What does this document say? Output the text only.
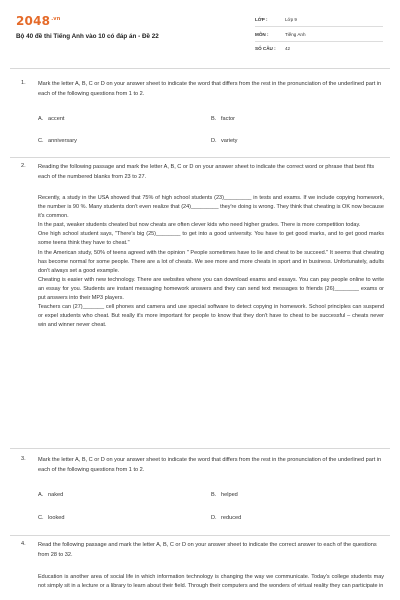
$2048^{.vn}$
Bộ 40 đề thi Tiếng Anh vào 10 có đáp án - Đề 22
LỚP :	Lớp 9
MÔN :	Tiếng Anh
SỐ CÂU :	42
1. Mark the letter A, B, C or D on your answer sheet to indicate the word that differs from the rest in the pronunciation of the underlined part in each of the following questions from 1 to 2.
A. accent	B. factor
C. anniversary	D. variety
2. Reading the following passage and mark the letter A, B, C or D on your answer sheet to indicate the correct word or phrase that best fits each of the numbered blanks from 23 to 27.

Recently, a study in the USA showed that 75% of high school students (23)_________ in tests and exams. If we include copying homework, the number is 90 %. Many students don't even realize that (24)_________ they're doing is wrong. They think that cheating is OK now because it's common.

In the past, weaker students cheated but now cheats are often clever kids who need higher grades. There is more competition today.

One high school student says, "There's big (25)________ to get into a good university. You have to get good marks, and to get good marks some teens think they have to cheat."

In the American study, 50% of teens agreed with the opinion " People sometimes have to lie and cheat to be succeed." It seems that cheating has become normal for some people. There are a lot of cheats. We see more and more cheats in sport and in business. Unfortunately, adults don't always set a good example.

Cheating is easier with new technology. There are websites where you can download exams and essays. You can pay people online to write an essay for you. Students are instant messaging homework answers and they can send text messages to friends (26)________ exams or put answers into their MP3 players.

Teachers can (27)_______ cell phones and camera and use special software to detect copying in homework. School principles can suspend or expel students who cheat. But really it's more important for people to know that they don't have to cheat to be successful – cheats never win and winner never cheat.

3. Mark the letter A, B, C or D on your answer sheet to indicate the word that differs from the rest in the pronunciation of the underlined part in each of the following questions from 1 to 2.
A. naked	B. helped
C. looked	D. reduced
4. Read the following passage and mark the letter A, B, C or D on your answer sheet to indicate the correct answer to each of the questions from 28 to 32.

Education is another area of social life in which information technology is changing the way we communicate. Today's college students may not simply sit in a lecture or a library to learn about their field. Through their computers and the wonders of virtual reality they can participate in
